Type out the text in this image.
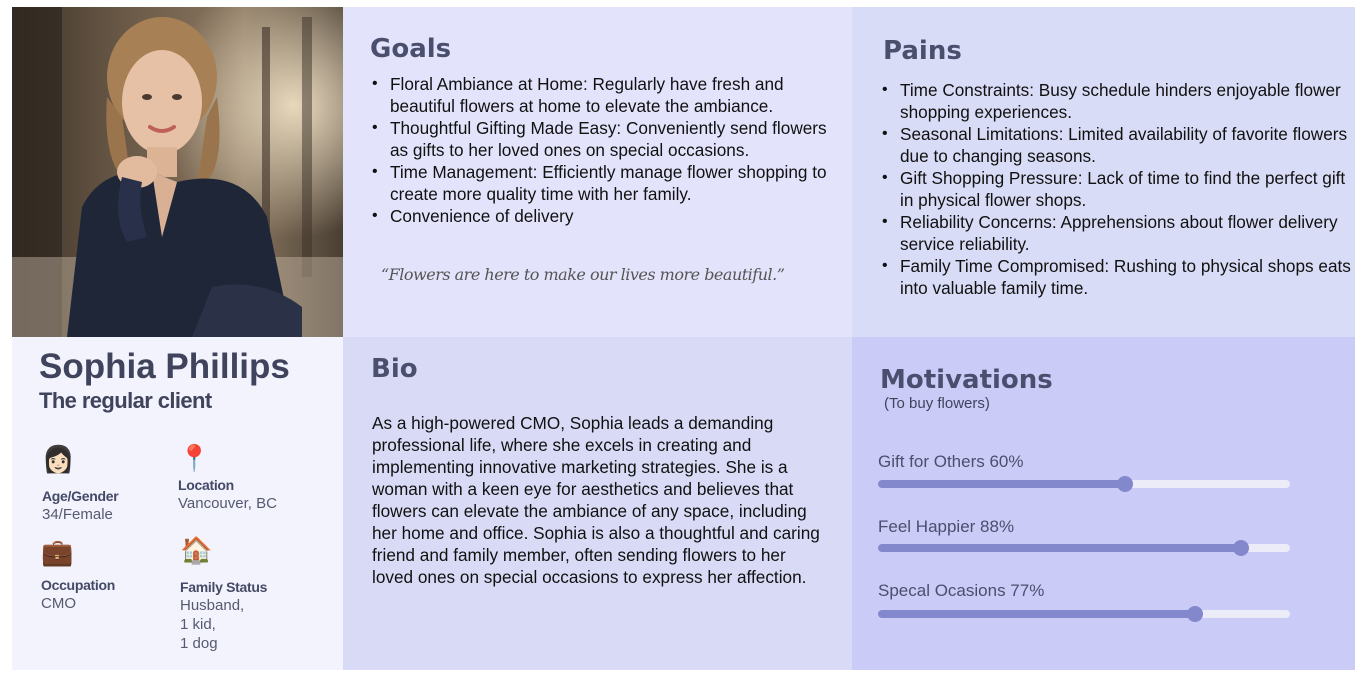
Goals
• Floral Ambiance at Home: Regularly have fresh and beautiful flowers at home to elevate the ambiance.
• Thoughtful Gifting Made Easy: Conveniently send flowers as gifts to her loved ones on special occasions.
• Time Management: Efficiently manage flower shopping to create more quality time with her family.
• Convenience of delivery
“Flowers are here to make our lives more beautiful.”
Pains
• Time Constraints: Busy schedule hinders enjoyable flower shopping experiences.
• Seasonal Limitations: Limited availability of favorite flowers due to changing seasons.
• Gift Shopping Pressure: Lack of time to find the perfect gift in physical flower shops.
• Reliability Concerns: Apprehensions about flower delivery service reliability.
• Family Time Compromised: Rushing to physical shops eats into valuable family time.
Sophia Phillips
The regular client
👩🏻
Age/Gender
34/Female
📍
Location
Vancouver, BC
💼
Occupation
CMO
🏠
Family Status
Husband, 1 kid,
1 dog
Bio

As a high-powered CMO, Sophia leads a demanding professional life, where she excels in creating and implementing innovative marketing strategies. She is a woman with a keen eye for aesthetics and believes that flowers can elevate the ambiance of any space, including her home and office. Sophia is also a thoughtful and caring friend and family member, often sending flowers to her loved ones on special occasions to express her affection.

Motivations
(To buy flowers)
Gift for Others 60%
Feel Happier 88%
Specal Ocasions 77%
